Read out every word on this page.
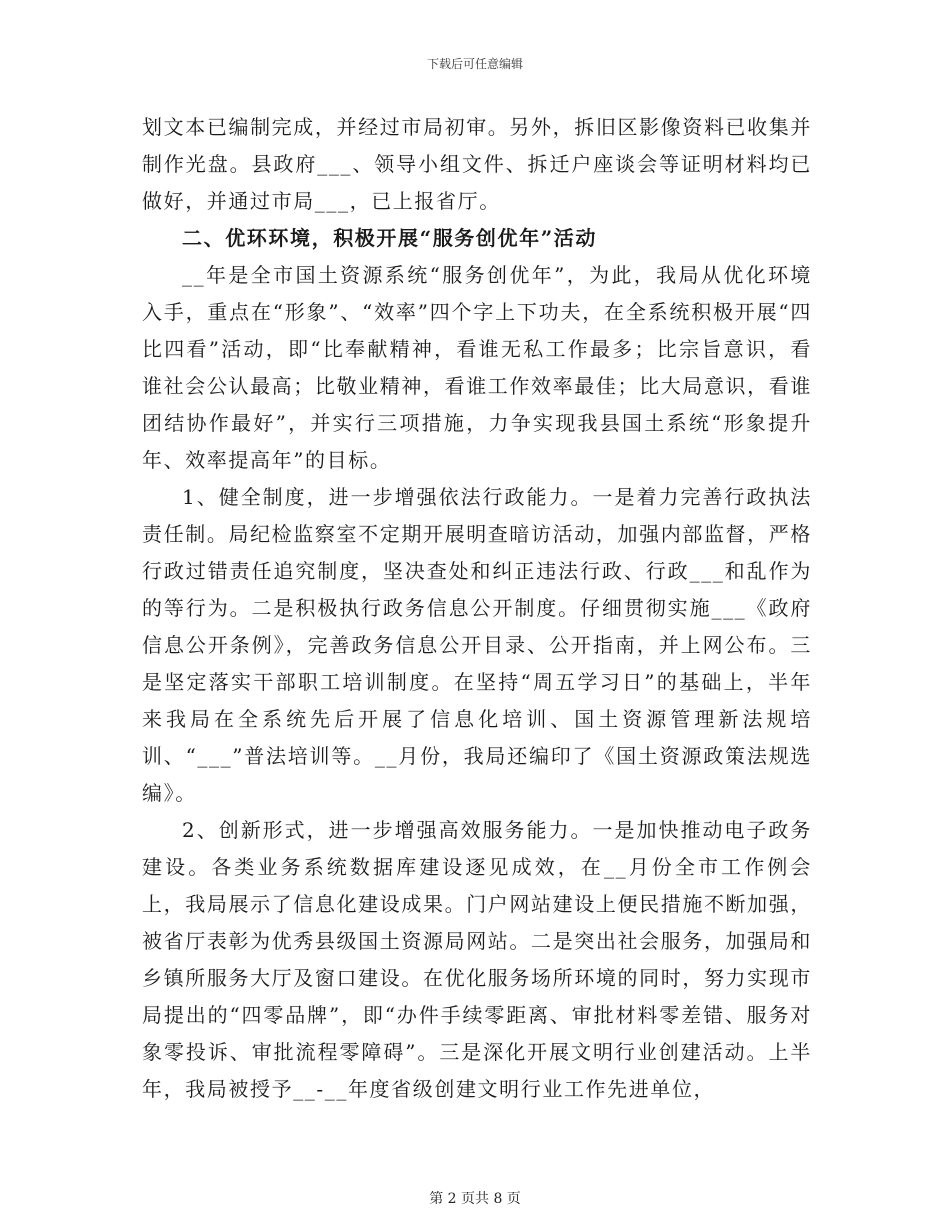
下载后可任意编辑

划文本已编制完成，并经过市局初审。另外，拆旧区影像资料已收集并制作光盘。县政府___、领导小组文件、拆迁户座谈会等证明材料均已做好，并通过市局___，已上报省厅。

二、优环环境，积极开展“服务创优年”活动

__年是全市国土资源系统“服务创优年”，为此，我局从优化环境入手，重点在“形象”、“效率”四个字上下功夫，在全系统积极开展“四比四看”活动，即“比奉献精神，看谁无私工作最多；比宗旨意识，看谁社会公认最高；比敬业精神，看谁工作效率最佳；比大局意识，看谁团结协作最好”，并实行三项措施，力争实现我县国土系统“形象提升年、效率提高年”的目标。

1、健全制度，进一步增强依法行政能力。一是着力完善行政执法责任制。局纪检监察室不定期开展明查暗访活动，加强内部监督，严格行政过错责任追究制度，坚决查处和纠正违法行政、行政___和乱作为的等行为。二是积极执行政务信息公开制度。仔细贯彻实施___《政府信息公开条例》，完善政务信息公开目录、公开指南，并上网公布。三是坚定落实干部职工培训制度。在坚持“周五学习日”的基础上，半年来我局在全系统先后开展了信息化培训、国土资源管理新法规培训、“___”普法培训等。__月份，我局还编印了《国土资源政策法规选编》。

2、创新形式，进一步增强高效服务能力。一是加快推动电子政务建设。各类业务系统数据库建设逐见成效，在__月份全市工作例会上，我局展示了信息化建设成果。门户网站建设上便民措施不断加强，被省厅表彰为优秀县级国土资源局网站。二是突出社会服务，加强局和乡镇所服务大厅及窗口建设。在优化服务场所环境的同时，努力实现市局提出的“四零品牌”，即“办件手续零距离、审批材料零差错、服务对象零投诉、审批流程零障碍”。三是深化开展文明行业创建活动。上半年，我局被授予__-__年度省级创建文明行业工作先进单位，

第 2 页共 8 页
